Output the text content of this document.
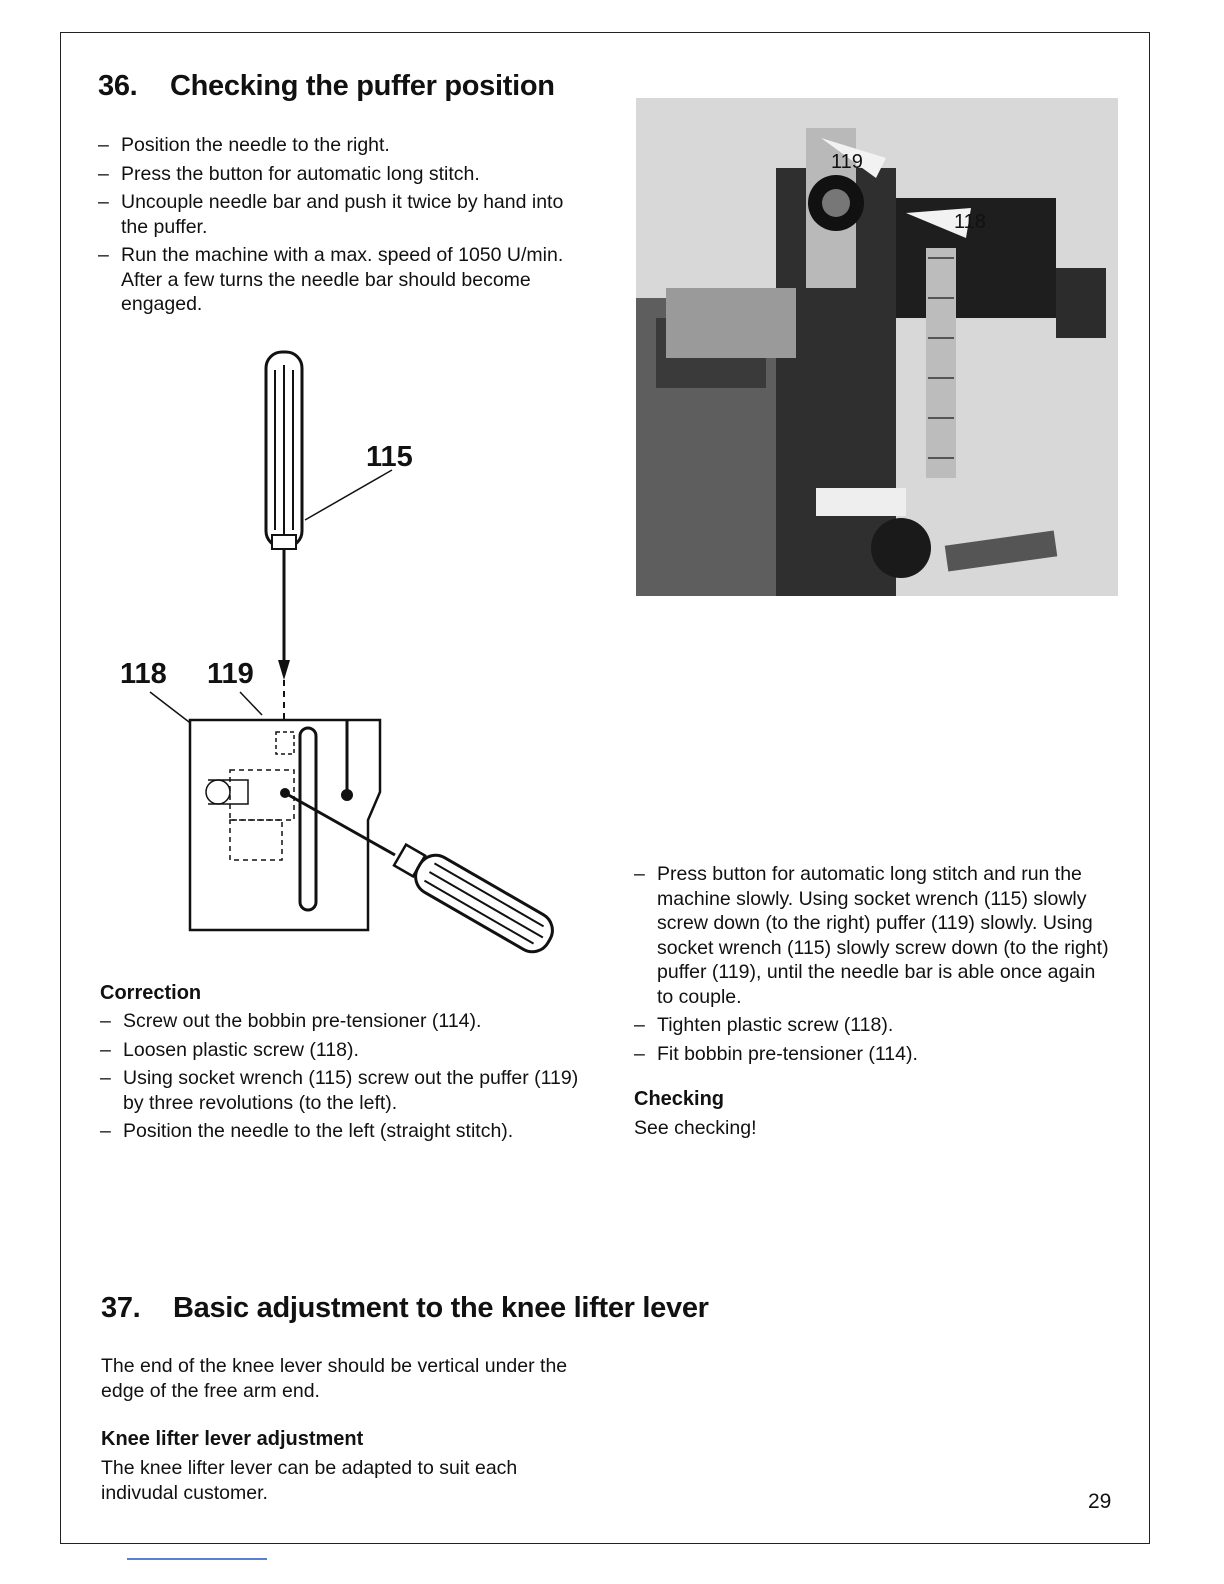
36. Checking the puffer position
– Position the needle to the right.
– Press the button for automatic long stitch.
– Uncouple needle bar and push it twice by hand into the puffer.
– Run the machine with a max. speed of 1050 U/min. After a few turns the needle bar should become engaged.
119
118
115
118 119

Correction

– Screw out the bobbin pre-tensioner (114).
– Loosen plastic screw (118).
– Using socket wrench (115) screw out the puffer (119) by three revolutions (to the left).
– Position the needle to the left (straight stitch).
– Press button for automatic long stitch and run the machine slowly. Using socket wrench (115) slowly screw down (to the right) puffer (119) slowly. Using socket wrench (115) slowly screw down (to the right) puffer (119), until the needle bar is able once again to couple.
– Tighten plastic screw (118).
– Fit bobbin pre-tensioner (114).

Checking

See checking!

37. Basic adjustment to the knee lifter lever

The end of the knee lever should be vertical under the edge of the free arm end.

Knee lifter lever adjustment

The knee lifter lever can be adapted to suit each indivudal customer.	29
